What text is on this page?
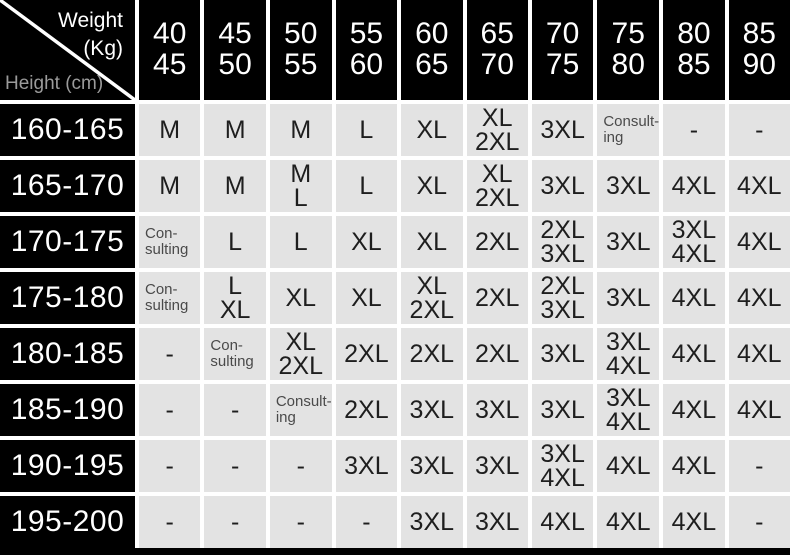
Weight
(Kg)
Height (cm)
40
45
45
50
50
55
55
60
60
65
65
70
70
75
75
80
80
85
85
90
160-165 M M M L XL XL
2XL 3XL Consult-
ing	- -
165-170 M M M
L L XL XL
2XL 3XL 3XL 4XL 4XL
170-175 Con-
sulting L L XL XL 2XL 2XL
3XL 3XL 3XL
4XL 4XL
175-180 Con-
sulting
L
XL XL XL XL
2XL 2XL 2XL
3XL 3XL 4XL 4XL
180-185 - Con-
sulting
XL
2XL 2XL 2XL 2XL 3XL 3XL
4XL 4XL 4XL
185-190 - - Consult-
ing 2XL 3XL 3XL 3XL 3XL
4XL 4XL 4XL
190-195 - - - 3XL 3XL 3XL 3XL
4XL 4XL 4XL -
195-200 - - - - 3XL 3XL 4XL 4XL 4XL -
